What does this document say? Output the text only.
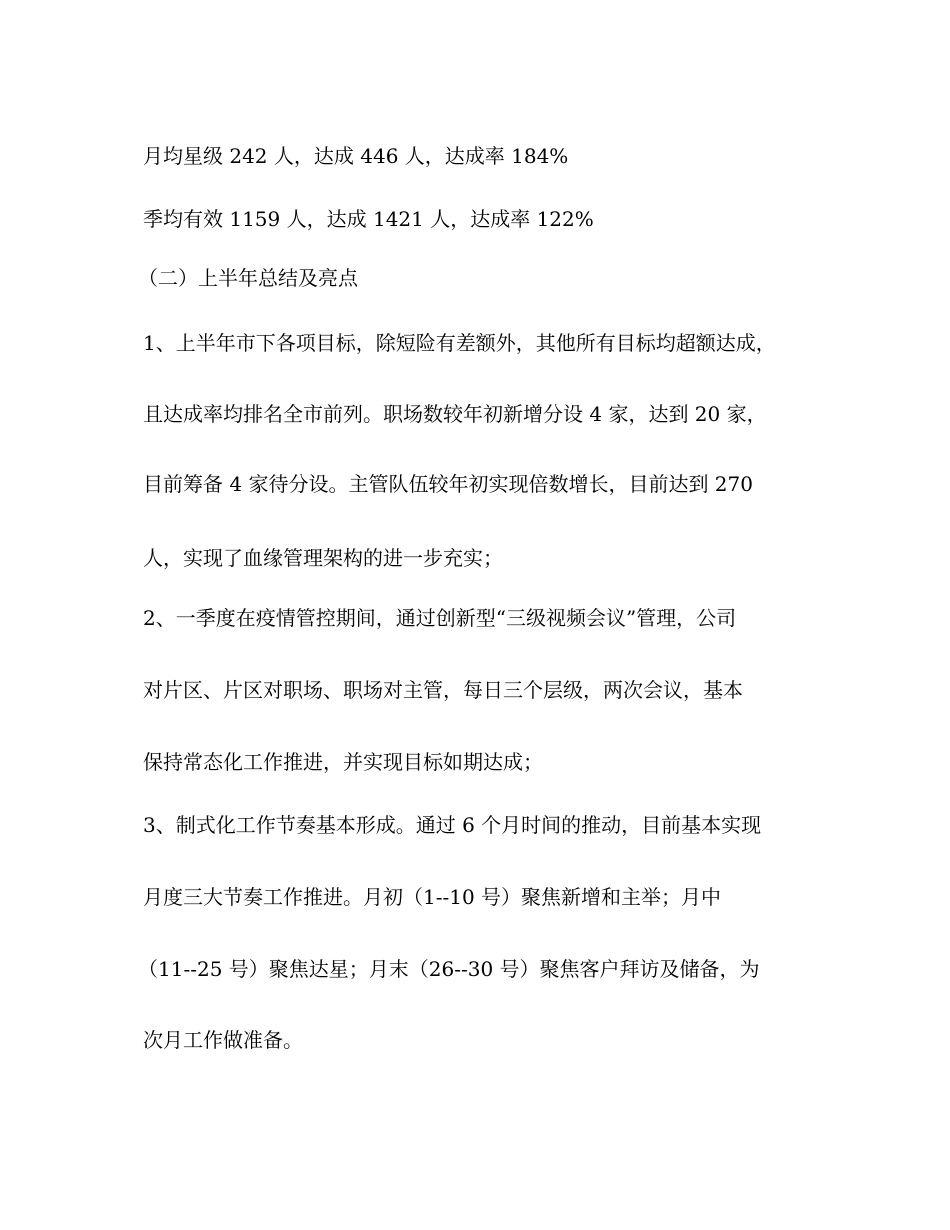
月均星级 242 人，达成 446 人，达成率 184%
季均有效 1159 人，达成 1421 人，达成率 122%
（二）上半年总结及亮点
1、上半年市下各项目标，除短险有差额外，其他所有目标均超额达成，
且达成率均排名全市前列。职场数较年初新增分设 4 家，达到 20 家，
目前筹备 4 家待分设。主管队伍较年初实现倍数增长，目前达到 270
人，实现了血缘管理架构的进一步充实；
2、一季度在疫情管控期间，通过创新型“三级视频会议”管理，公司
对片区、片区对职场、职场对主管，每日三个层级，两次会议，基本
保持常态化工作推进，并实现目标如期达成；
3、制式化工作节奏基本形成。通过 6 个月时间的推动，目前基本实现
月度三大节奏工作推进。月初（1--10 号）聚焦新增和主举；月中
（11--25 号）聚焦达星；月末（26--30 号）聚焦客户拜访及储备，为
次月工作做准备。
